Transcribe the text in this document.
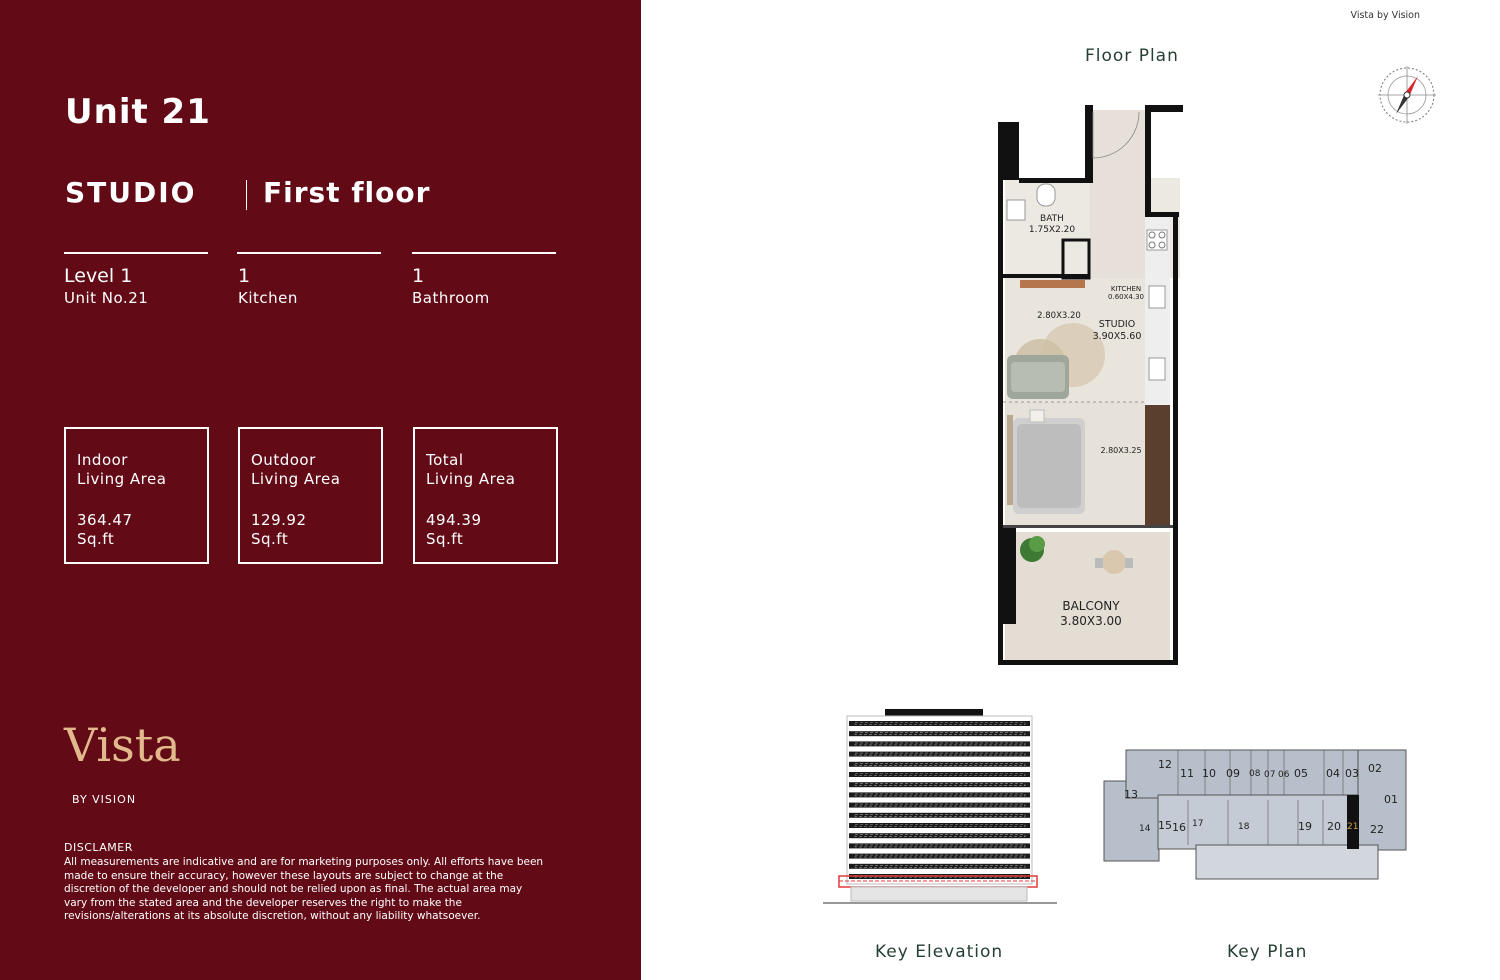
Unit 21
STUDIO First floor
Level 1
Unit No.21
1
Kitchen
1
Bathroom
Indoor
Living Area
364.47
Sq.ft
Outdoor
Living Area
129.92
Sq.ft
Total
Living Area
494.39
Sq.ft
Vista
BY VISION
DISCLAMER
All measurements are indicative and are for marketing purposes only. All efforts have been made to ensure their accuracy, however these layouts are subject to change at the discretion of the developer and should not be relied upon as final. The actual area may vary from the stated area and the developer reserves the right to make the revisions/alterations at its absolute discretion, without any liability whatsoever.
Vista by Vision
Floor Plan
BATH
1.75X2.20
KITCHEN
0.60X4.30
2.80X3.20
STUDIO
3.90X5.60
2.80X3.25
BALCONY
3.80X3.00
12
11 10 09 08 07 06 05 04 03 02
13	01
14 15 16 17	18	19 20 21 22
Key Elevation	Key Plan
